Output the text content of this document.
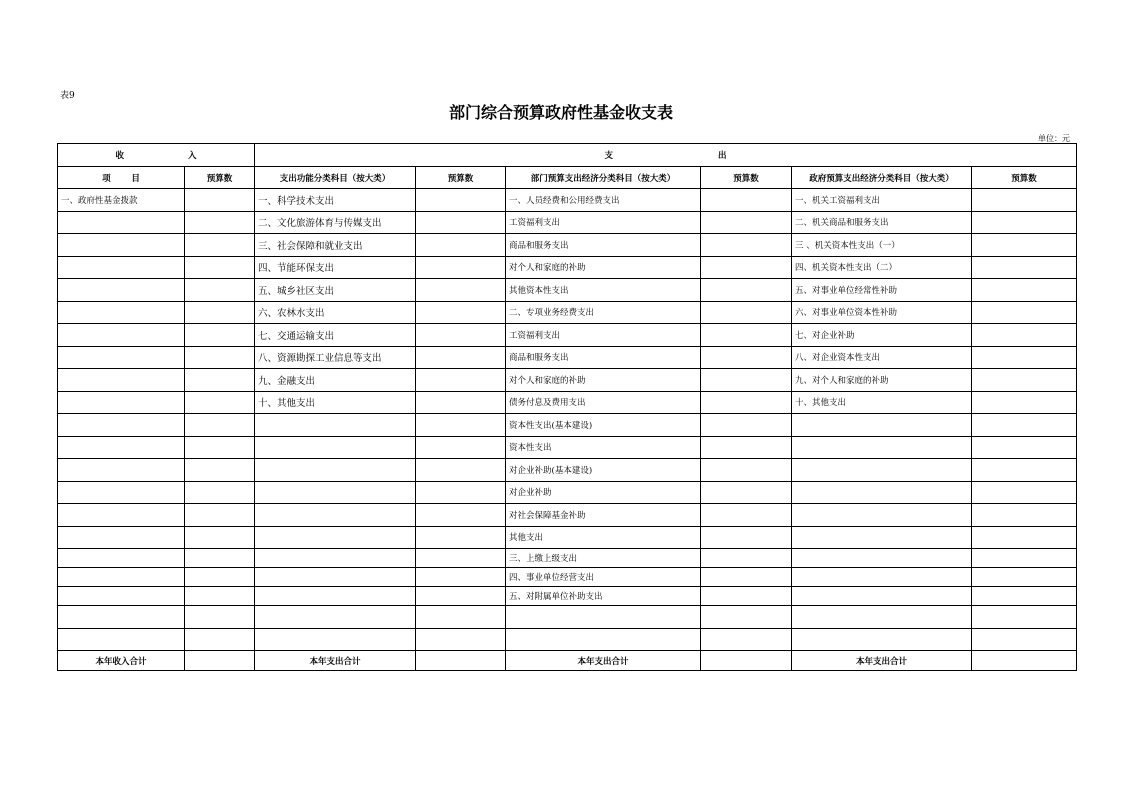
表9
部门综合预算政府性基金收支表
单位：元
收 入		支 出					
项 目	预算数	支出功能分类科目（按大类）	预算数	部门预算支出经济分类科目（按大类）	预算数	政府预算支出经济分类科目（按大类）	预算数
一、政府性基金拨款		一、科学技术支出		一、人员经费和公用经费支出		一、机关工资福利支出	
		二、文化旅游体育与传媒支出		工资福利支出		二、机关商品和服务支出	
		三、社会保障和就业支出		商品和服务支出		三 、机关资本性支出（一）	
		四、节能环保支出		对个人和家庭的补助		四、机关资本性支出（二）	
		五、城乡社区支出		其他资本性支出		五、对事业单位经常性补助	
		六、农林水支出		二、专项业务经费支出		六、对事业单位资本性补助	
		七、交通运输支出		工资福利支出		七、对企业补助	
		八、资源勘探工业信息等支出		商品和服务支出		八、对企业资本性支出	
		九、金融支出		对个人和家庭的补助		九、对个人和家庭的补助	
		十、其他支出		债务付息及费用支出		十、其他支出	
				资本性支出(基本建设)			
				资本性支出			
				对企业补助(基本建设)			
				对企业补助			
				对社会保障基金补助			
				其他支出			
				三、上缴上级支出			
				四、事业单位经营支出			
				五、对附属单位补助支出			

本年收入合计		本年支出合计		本年支出合计		本年支出合计	
